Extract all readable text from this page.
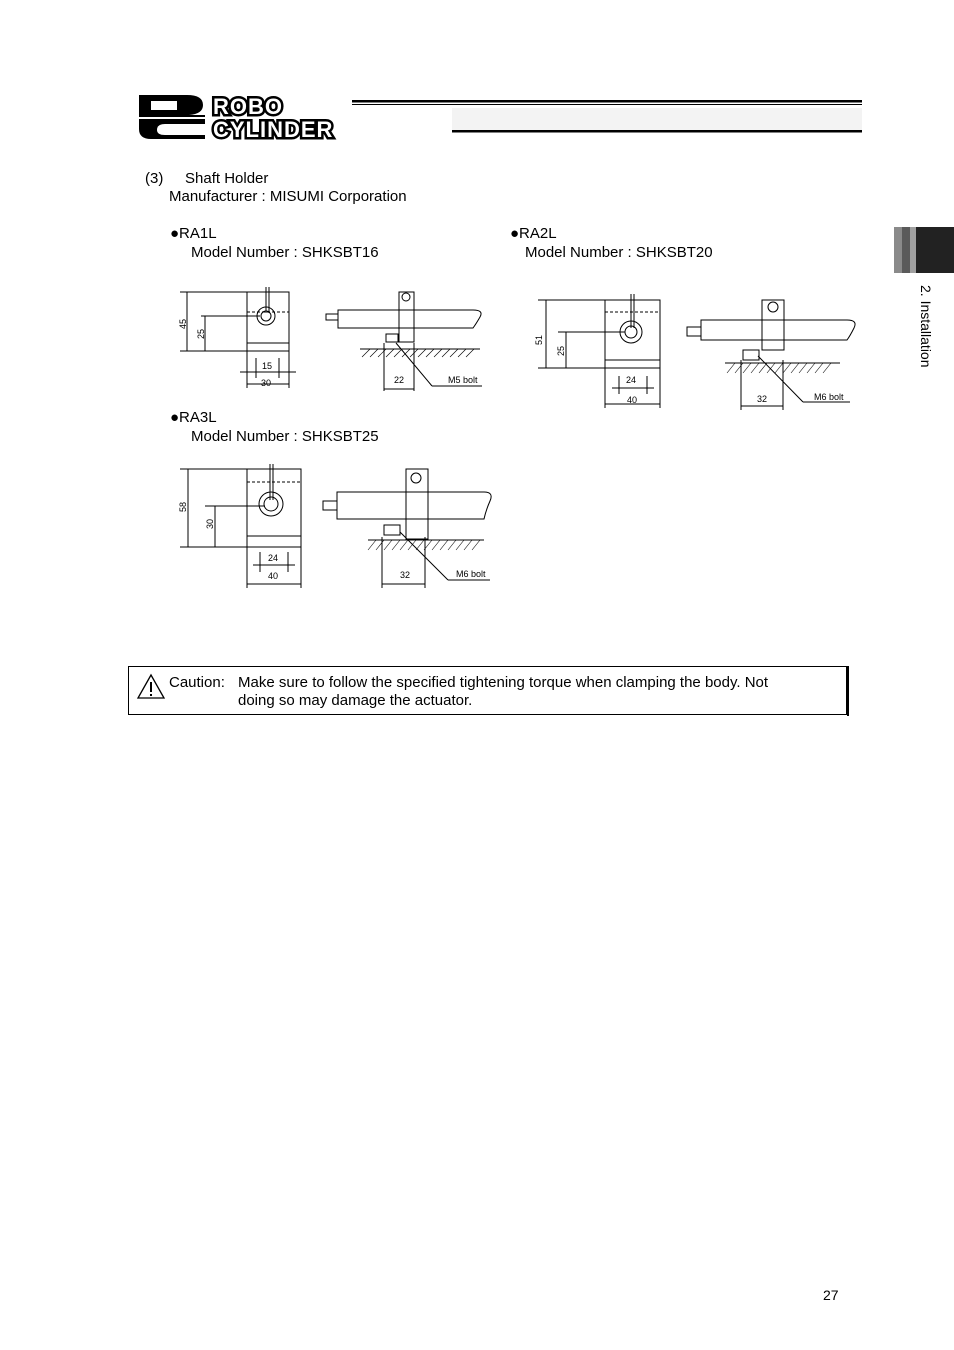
ROBO
CYLINDER
2. Installation
(3) Shaft Holder
Manufacturer : MISUMI Corporation
●RA1L
Model Number : SHKSBT16
●RA2L
Model Number : SHKSBT20
●RA3L
Model Number : SHKSBT25
45
25
15
30	22	M5 bolt
51
25
24
40	32	M6 bolt
58
30
24
40	32	M6 bolt
Caution: Make sure to follow the specified tightening torque when clamping the body. Not
doing so may damage the actuator.
27
